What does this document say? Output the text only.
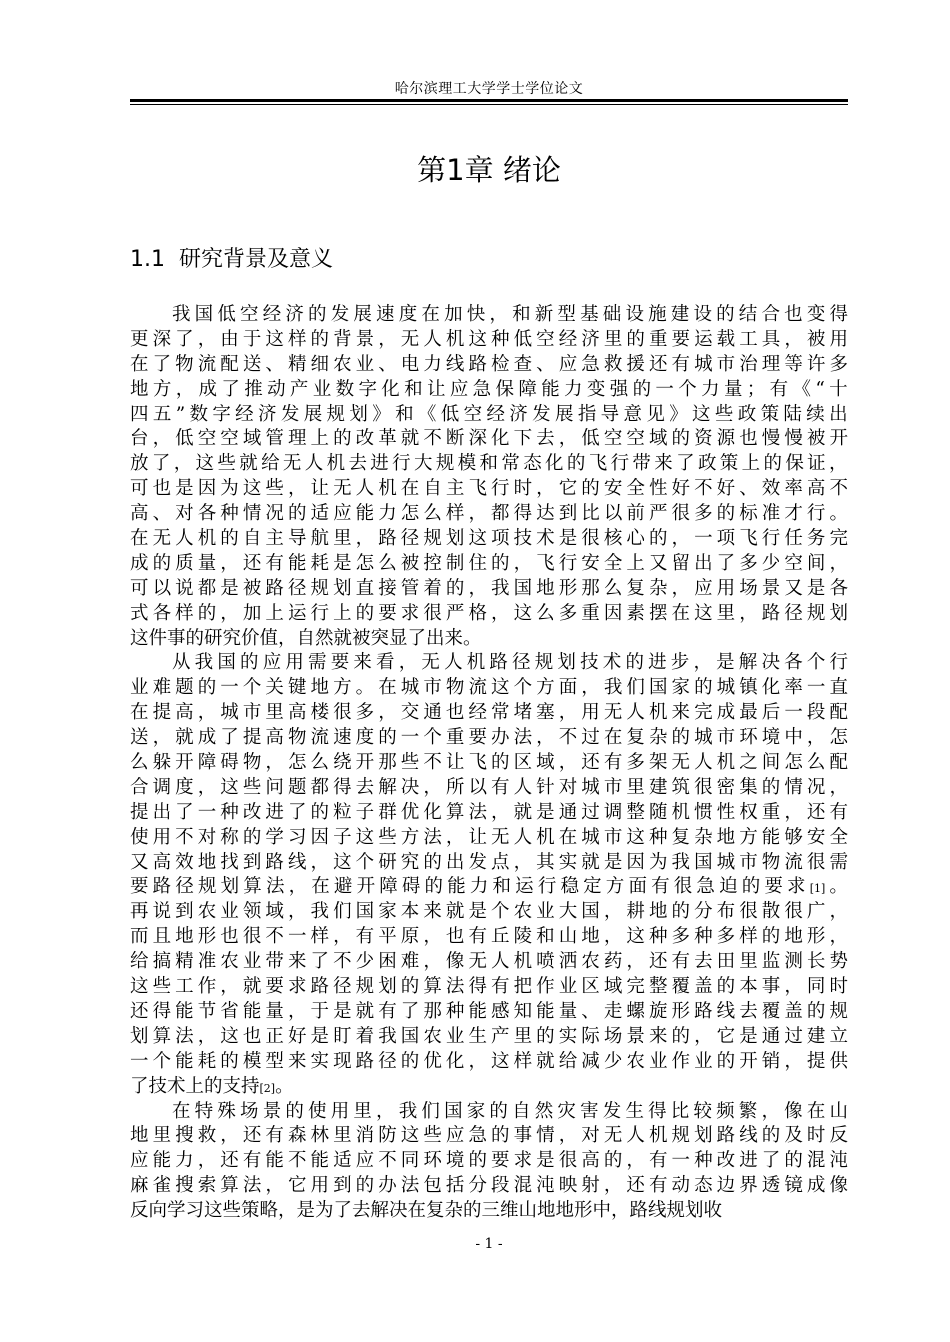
哈尔滨理工大学学士学位论文
第1章 绪论
1.1 研究背景及意义
我 国 低 空 经 济 的 发 展 速 度 在 加 快 ， 和 新 型 基 础 设 施 建 设 的 结 合 也 变 得
更 深 了 ， 由 于 这 样 的 背 景 ， 无 人 机 这 种 低 空 经 济 里 的 重 要 运 载 工 具 ， 被 用
在 了 物 流 配 送 、 精 细 农 业 、 电 力 线 路 检 查 、 应 急 救 援 还 有 城 市 治 理 等 许 多
地 方 ， 成 了 推 动 产 业 数 字 化 和 让 应 急 保 障 能 力 变 强 的 一 个 力 量 ； 有 《 “ 十
四 五 ” 数 字 经 济 发 展 规 划 》 和 《 低 空 经 济 发 展 指 导 意 见 》 这 些 政 策 陆 续 出
台 ， 低 空 空 域 管 理 上 的 改 革 就 不 断 深 化 下 去 ， 低 空 空 域 的 资 源 也 慢 慢 被 开
放 了 ， 这 些 就 给 无 人 机 去 进 行 大 规 模 和 常 态 化 的 飞 行 带 来 了 政 策 上 的 保 证 ，
可 也 是 因 为 这 些 ， 让 无 人 机 在 自 主 飞 行 时 ， 它 的 安 全 性 好 不 好 、 效 率 高 不
高 、 对 各 种 情 况 的 适 应 能 力 怎 么 样 ， 都 得 达 到 比 以 前 严 很 多 的 标 准 才 行 。
在 无 人 机 的 自 主 导 航 里 ， 路 径 规 划 这 项 技 术 是 很 核 心 的 ， 一 项 飞 行 任 务 完
成 的 质 量 ， 还 有 能 耗 是 怎 么 被 控 制 住 的 ， 飞 行 安 全 上 又 留 出 了 多 少 空 间 ，
可 以 说 都 是 被 路 径 规 划 直 接 管 着 的 ， 我 国 地 形 那 么 复 杂 ， 应 用 场 景 又 是 各
式 各 样 的 ， 加 上 运 行 上 的 要 求 很 严 格 ， 这 么 多 重 因 素 摆 在 这 里 ， 路 径 规 划
这件事的研究价值，自然就被突显了出来。
从 我 国 的 应 用 需 要 来 看 ， 无 人 机 路 径 规 划 技 术 的 进 步 ， 是 解 决 各 个 行
业 难 题 的 一 个 关 键 地 方 。 在 城 市 物 流 这 个 方 面 ， 我 们 国 家 的 城 镇 化 率 一 直
在 提 高 ， 城 市 里 高 楼 很 多 ， 交 通 也 经 常 堵 塞 ， 用 无 人 机 来 完 成 最 后 一 段 配
送 ， 就 成 了 提 高 物 流 速 度 的 一 个 重 要 办 法 ， 不 过 在 复 杂 的 城 市 环 境 中 ， 怎
么 躲 开 障 碍 物 ， 怎 么 绕 开 那 些 不 让 飞 的 区 域 ， 还 有 多 架 无 人 机 之 间 怎 么 配
合 调 度 ， 这 些 问 题 都 得 去 解 决 ， 所 以 有 人 针 对 城 市 里 建 筑 很 密 集 的 情 况 ，
提 出 了 一 种 改 进 了 的 粒 子 群 优 化 算 法 ， 就 是 通 过 调 整 随 机 惯 性 权 重 ， 还 有
使 用 不 对 称 的 学 习 因 子 这 些 方 法 ， 让 无 人 机 在 城 市 这 种 复 杂 地 方 能 够 安 全
又 高 效 地 找 到 路 线 ， 这 个 研 究 的 出 发 点 ， 其 实 就 是 因 为 我 国 城 市 物 流 很 需
要 路 径 规 划 算 法 ， 在 避 开 障 碍 的 能 力 和 运 行 稳 定 方 面 有 很 急 迫 的 要 求 [1] 。
再 说 到 农 业 领 域 ， 我 们 国 家 本 来 就 是 个 农 业 大 国 ， 耕 地 的 分 布 很 散 很 广 ，
而 且 地 形 也 很 不 一 样 ， 有 平 原 ， 也 有 丘 陵 和 山 地 ， 这 种 多 种 多 样 的 地 形 ，
给 搞 精 准 农 业 带 来 了 不 少 困 难 ， 像 无 人 机 喷 洒 农 药 ， 还 有 去 田 里 监 测 长 势
这 些 工 作 ， 就 要 求 路 径 规 划 的 算 法 得 有 把 作 业 区 域 完 整 覆 盖 的 本 事 ， 同 时
还 得 能 节 省 能 量 ， 于 是 就 有 了 那 种 能 感 知 能 量 、 走 螺 旋 形 路 线 去 覆 盖 的 规
划 算 法 ， 这 也 正 好 是 盯 着 我 国 农 业 生 产 里 的 实 际 场 景 来 的 ， 它 是 通 过 建 立
一 个 能 耗 的 模 型 来 实 现 路 径 的 优 化 ， 这 样 就 给 减 少 农 业 作 业 的 开 销 ， 提 供
了技术上的支持 [2] 。
在 特 殊 场 景 的 使 用 里 ， 我 们 国 家 的 自 然 灾 害 发 生 得 比 较 频 繁 ， 像 在 山
地 里 搜 救 ， 还 有 森 林 里 消 防 这 些 应 急 的 事 情 ， 对 无 人 机 规 划 路 线 的 及 时 反
应 能 力 ， 还 有 能 不 能 适 应 不 同 环 境 的 要 求 是 很 高 的 ， 有 一 种 改 进 了 的 混 沌
麻 雀 搜 索 算 法 ， 它 用 到 的 办 法 包 括 分 段 混 沌 映 射 ， 还 有 动 态 边 界 透 镜 成 像
反向学习这些策略，是为了去解决在复杂的三维山地地形中，路线规划收
- 1 -
